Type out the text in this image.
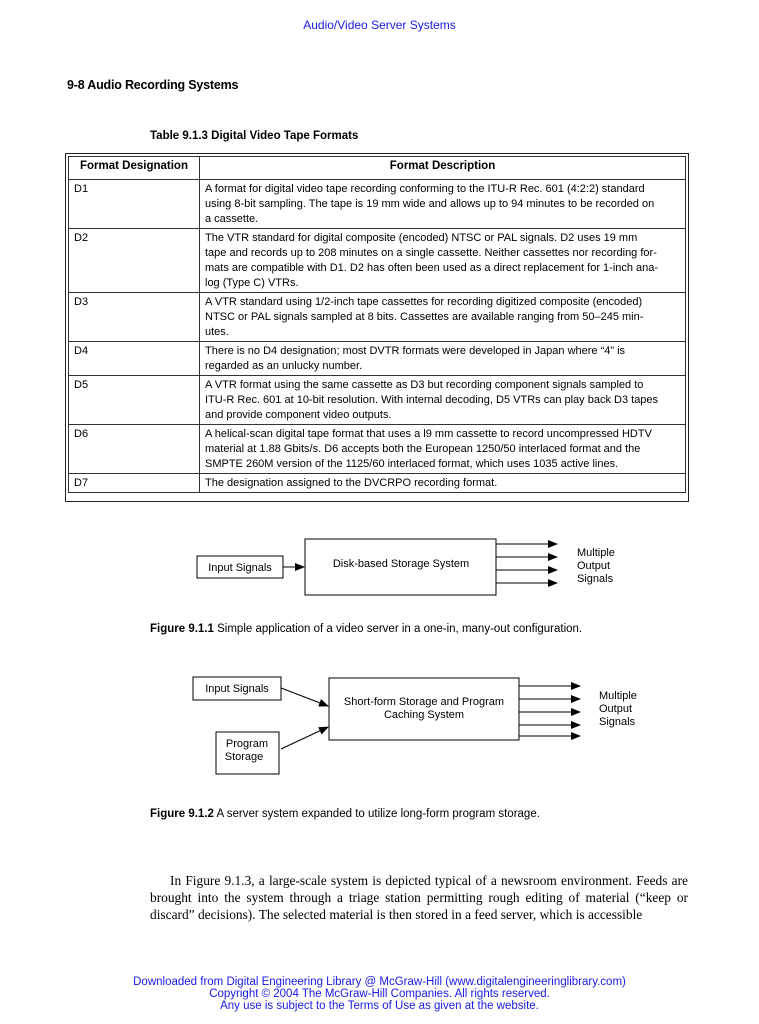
Audio/Video Server Systems
9-8 Audio Recording Systems
Table 9.1.3 Digital Video Tape Formats
Format Designation	Format Description
D1	A format for digital video tape recording conforming to the ITU-R Rec. 601 (4:2:2) standard
using 8-bit sampling. The tape is 19 mm wide and allows up to 94 minutes to be recorded on
a cassette.

D2	The VTR standard for digital composite (encoded) NTSC or PAL signals. D2 uses 19 mm
tape and records up to 208 minutes on a single cassette. Neither cassettes nor recording for-
mats are compatible with D1. D2 has often been used as a direct replacement for 1-inch ana-
log (Type C) VTRs.

D3	A VTR standard using 1/2-inch tape cassettes for recording digitized composite (encoded)
NTSC or PAL signals sampled at 8 bits. Cassettes are available ranging from 50–245 min-
utes.

D4	There is no D4 designation; most DVTR formats were developed in Japan where “4” is
regarded as an unlucky number.

D5	A VTR format using the same cassette as D3 but recording component signals sampled to
ITU-R Rec. 601 at 10-bit resolution. With internal decoding, D5 VTRs can play back D3 tapes
and provide component video outputs.

D6	A helical-scan digital tape format that uses a l9 mm cassette to record uncompressed HDTV
material at 1.88 Gbits/s. D6 accepts both the European 1250/50 interlaced format and the
SMPTE 260M version of the 1125/60 interlaced format, which uses 1035 active lines.

D7	The designation assigned to the DVCRPO recording format.
Input Signals	Disk-based Storage System
Multiple
Output
Signals
Figure 9.1.1 Simple application of a video server in a one-in, many-out configuration.
Input Signals
Program
Storage
Short-form Storage and Program
Caching System
Multiple
Output
Signals
Figure 9.1.2 A server system expanded to utilize long-form program storage.

In Figure 9.1.3, a large-scale system is depicted typical of a newsroom environment. Feeds are brought into the system through a triage station permitting rough editing of material (“keep or discard” decisions). The selected material is then stored in a feed server, which is accessible

Downloaded from Digital Engineering Library @ McGraw-Hill (www.digitalengineeringlibrary.com)
Copyright © 2004 The McGraw-Hill Companies. All rights reserved.
Any use is subject to the Terms of Use as given at the website.
